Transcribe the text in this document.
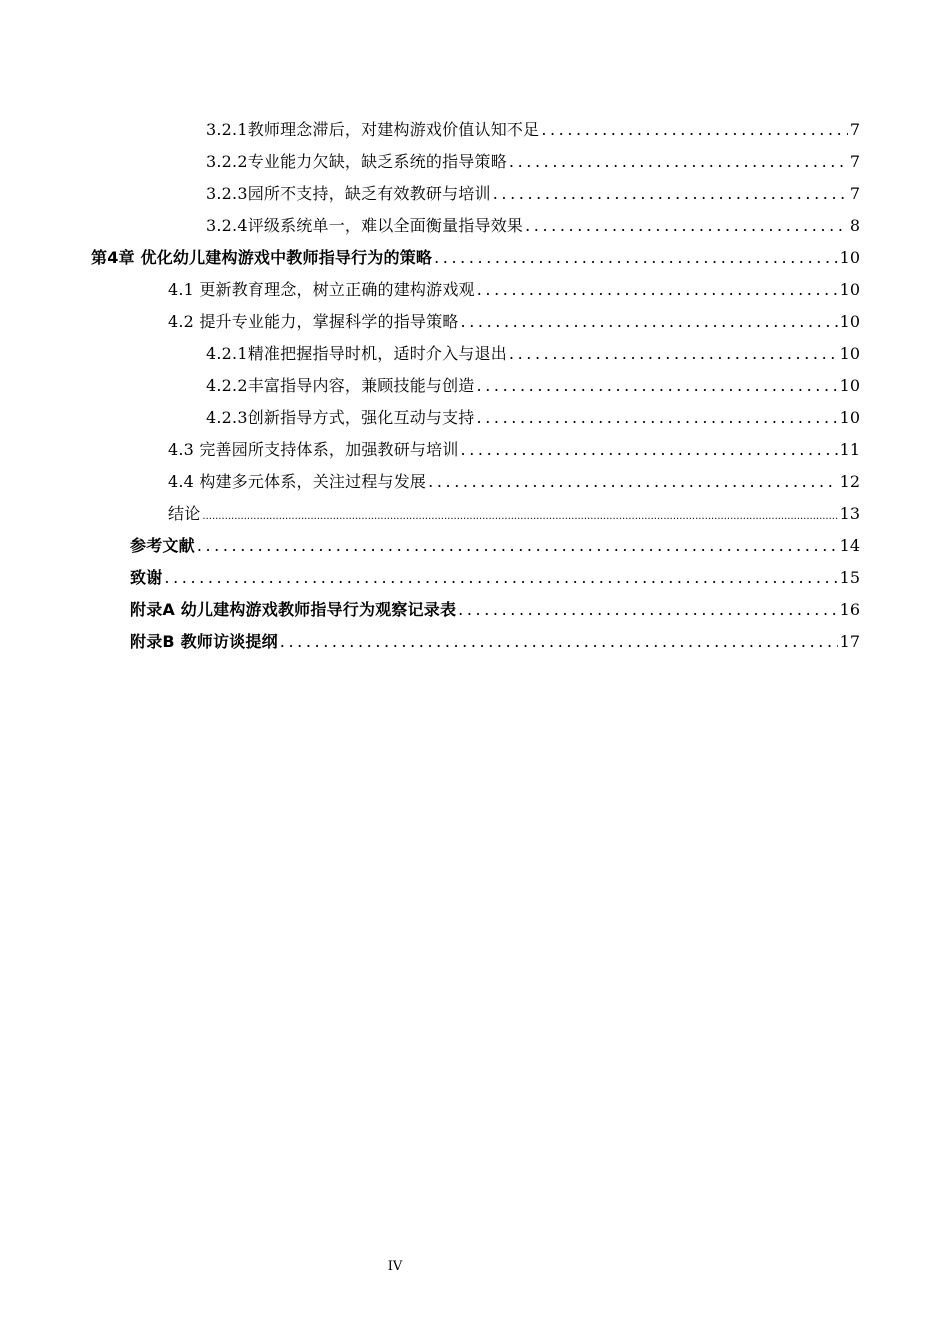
3.2.1教师理念滞后，对建构游戏价值认知不足 .....	7
3.2.2专业能力欠缺，缺乏系统的指导策略 .....	7
3.2.3园所不支持，缺乏有效教研与培训 .....	7
3.2.4评级系统单一，难以全面衡量指导效果 .....	8
第4章 优化幼儿建构游戏中教师指导行为的策略 .....	10
4.1 更新教育理念，树立正确的建构游戏观 .....	10
4.2 提升专业能力，掌握科学的指导策略 .....	10
4.2.1精准把握指导时机，适时介入与退出 .....	10
4.2.2丰富指导内容，兼顾技能与创造 .....	10
4.2.3创新指导方式，强化互动与支持 .....	10
4.3 完善园所支持体系，加强教研与培训 .....	11
4.4 构建多元体系，关注过程与发展 .....	12
结论 .....	13
参考文献 .....	14
致谢 .....	15
附录A 幼儿建构游戏教师指导行为观察记录表 .....	16
附录B 教师访谈提纲 .....	17
IV
